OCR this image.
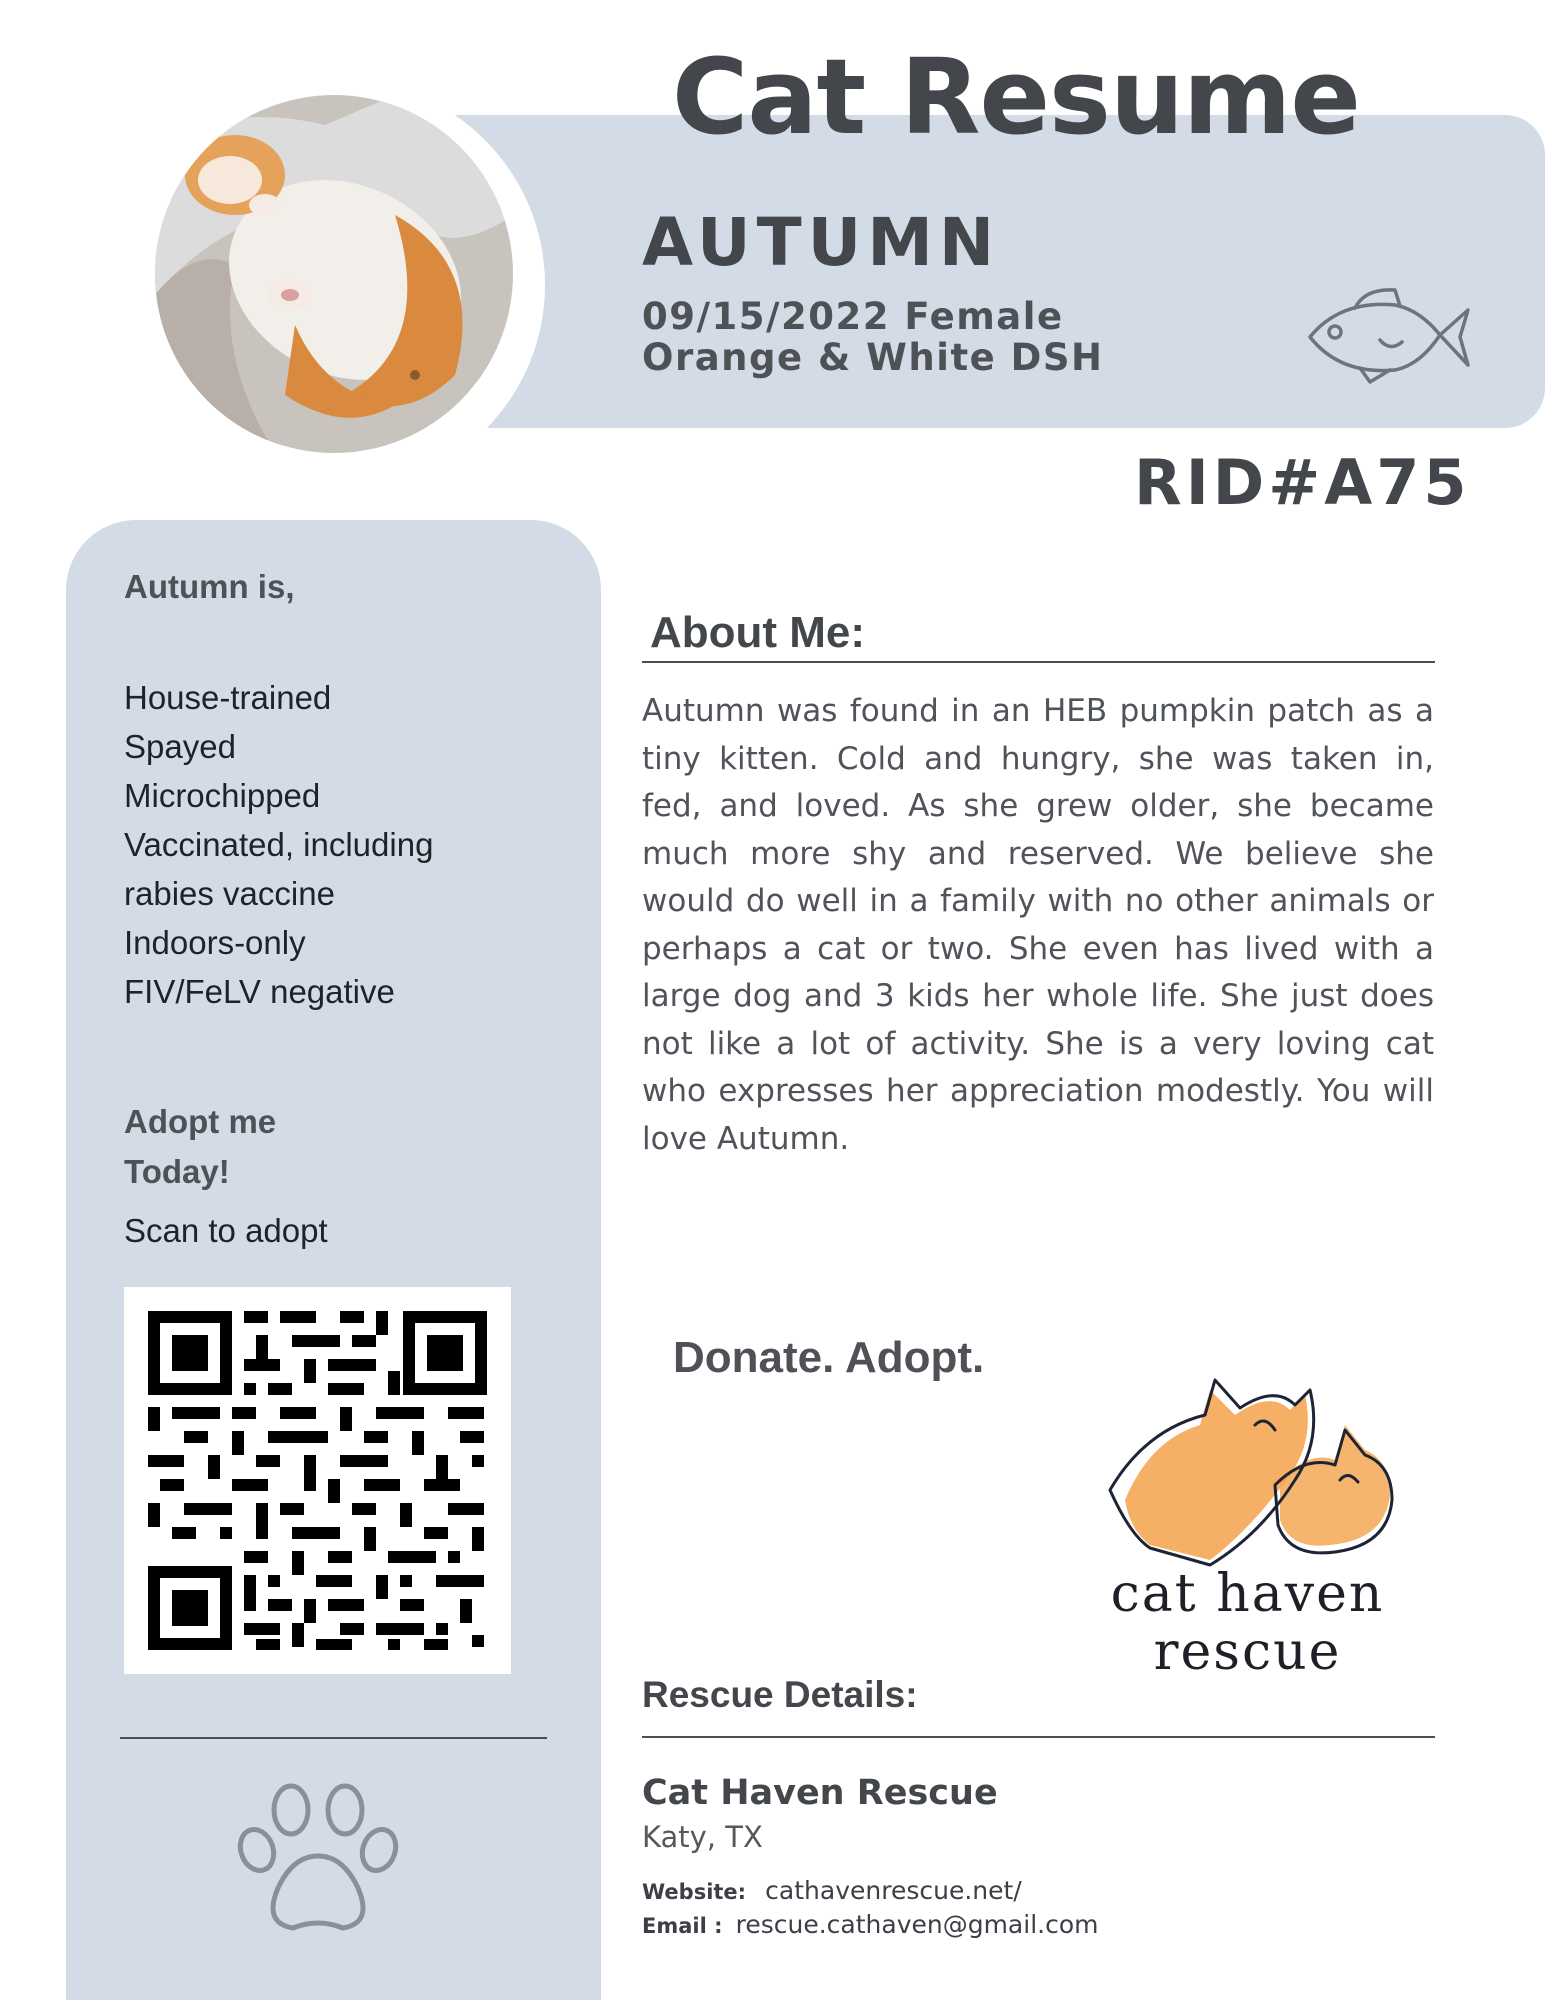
Cat Resume
AUTUMN
09/15/2022 Female
Orange & White DSH
RID#A75
Autumn is,
House-trained
Spayed
Microchipped
Vaccinated, including
rabies vaccine
Indoors-only
FIV/FeLV negative
Adopt me
Today!
Scan to adopt
About Me:

Autumn was found in an HEB pumpkin patch as a tiny kitten. Cold and hungry, she was taken in, fed, and loved. As she grew older, she became much more shy and reserved. We believe she would do well in a family with no other animals or perhaps a cat or two. She even has lived with a large dog and 3 kids her whole life. She just does not like a lot of activity. She is a very loving cat who expresses her appreciation modestly. You will love Autumn.

Donate. Adopt.
cat haven
rescue
Rescue Details:
Cat Haven Rescue
Katy, TX
Website: cathavenrescue.net/
Email : rescue.cathaven@gmail.com
